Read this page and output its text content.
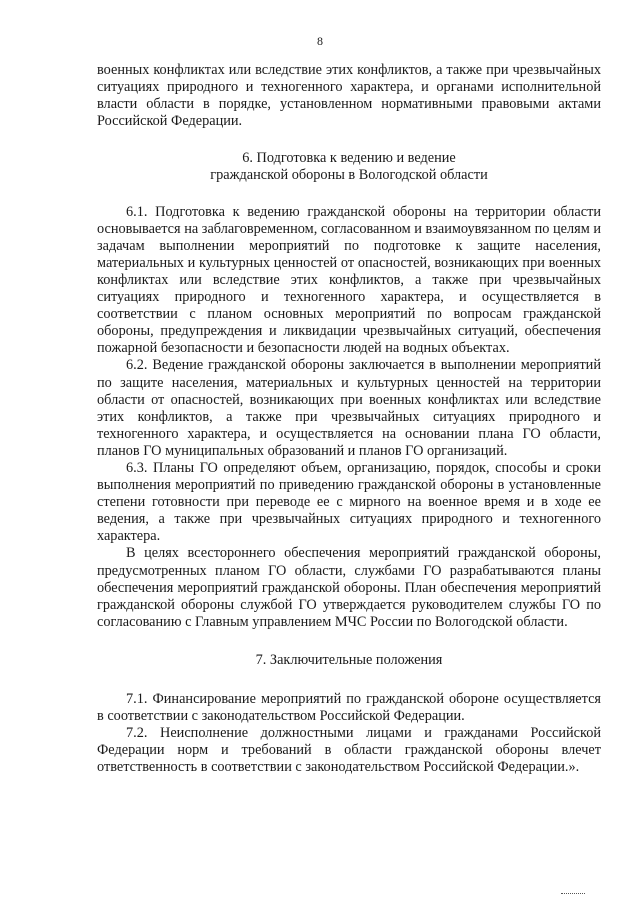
8

военных конфликтах или вследствие этих конфликтов, а также при чрезвычайных ситуациях природного и техногенного характера, и органами исполнительной власти области в порядке, установленном нормативными правовыми актами Российской Федерации.

6. Подготовка к ведению и ведение
гражданской обороны в Вологодской области

6.1. Подготовка к ведению гражданской обороны на территории области основывается на заблаговременном, согласованном и взаимоувязанном по целям и задачам выполнении мероприятий по подготовке к защите населения, материальных и культурных ценностей от опасностей, возникающих при военных конфликтах или вследствие этих конфликтов, а также при чрезвычайных ситуациях природного и техногенного характера, и осуществляется в соответствии с планом основных мероприятий по вопросам гражданской обороны, предупреждения и ликвидации чрезвычайных ситуаций, обеспечения пожарной безопасности и безопасности людей на водных объектах.

6.2. Ведение гражданской обороны заключается в выполнении мероприятий по защите населения, материальных и культурных ценностей на территории области от опасностей, возникающих при военных конфликтах или вследствие этих конфликтов, а также при чрезвычайных ситуациях природного и техногенного характера, и осуществляется на основании плана ГО области, планов ГО муниципальных образований и планов ГО организаций.

6.3. Планы ГО определяют объем, организацию, порядок, способы и сроки выполнения мероприятий по приведению гражданской обороны в установленные степени готовности при переводе ее с мирного на военное время и в ходе ее ведения, а также при чрезвычайных ситуациях природного и техногенного характера.

В целях всестороннего обеспечения мероприятий гражданской обороны, предусмотренных планом ГО области, службами ГО разрабатываются планы обеспечения мероприятий гражданской обороны. План обеспечения мероприятий гражданской обороны службой ГО утверждается руководителем службы ГО по согласованию с Главным управлением МЧС России по Вологодской области.

7. Заключительные положения

7.1. Финансирование мероприятий по гражданской обороне осуществляется в соответствии с законодательством Российской Федерации.

7.2. Неисполнение должностными лицами и гражданами Российской Федерации норм и требований в области гражданской обороны влечет ответственность в соответствии с законодательством Российской Федерации.».
